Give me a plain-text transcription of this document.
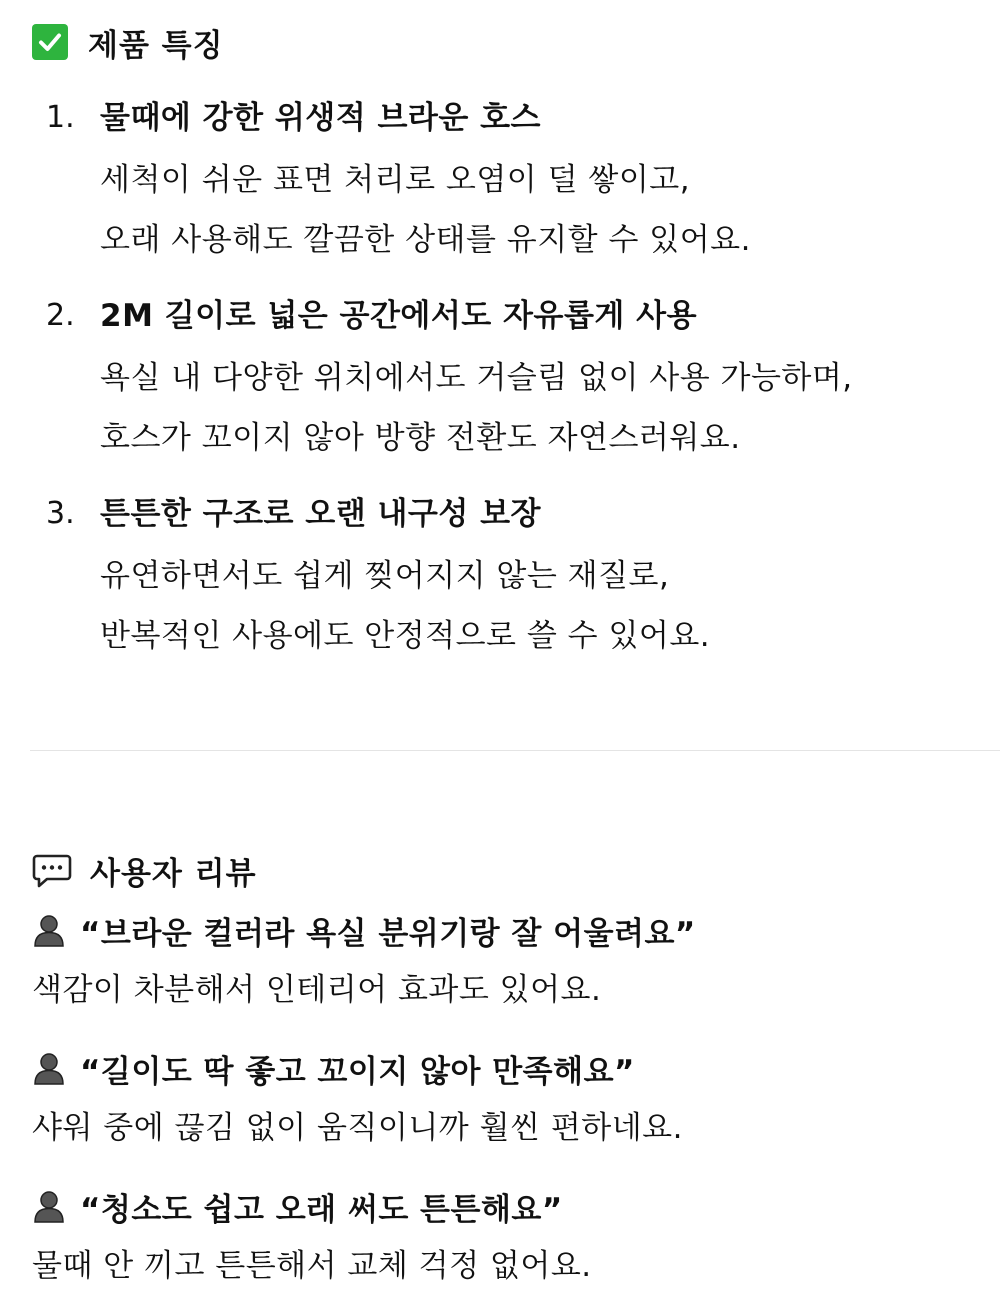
제품 특징
1. 물때에 강한 위생적 브라운 호스
세척이 쉬운 표면 처리로 오염이 덜 쌓이고,
오래 사용해도 깔끔한 상태를 유지할 수 있어요.
2. 2M 길이로 넓은 공간에서도 자유롭게 사용
욕실 내 다양한 위치에서도 거슬림 없이 사용 가능하며,
호스가 꼬이지 않아 방향 전환도 자연스러워요.
3. 튼튼한 구조로 오랜 내구성 보장
유연하면서도 쉽게 찢어지지 않는 재질로,
반복적인 사용에도 안정적으로 쓸 수 있어요.
사용자 리뷰
“브라운 컬러라 욕실 분위기랑 잘 어울려요”
색감이 차분해서 인테리어 효과도 있어요.
“길이도 딱 좋고 꼬이지 않아 만족해요”
샤워 중에 끊김 없이 움직이니까 훨씬 편하네요.
“청소도 쉽고 오래 써도 튼튼해요”
물때 안 끼고 튼튼해서 교체 걱정 없어요.
